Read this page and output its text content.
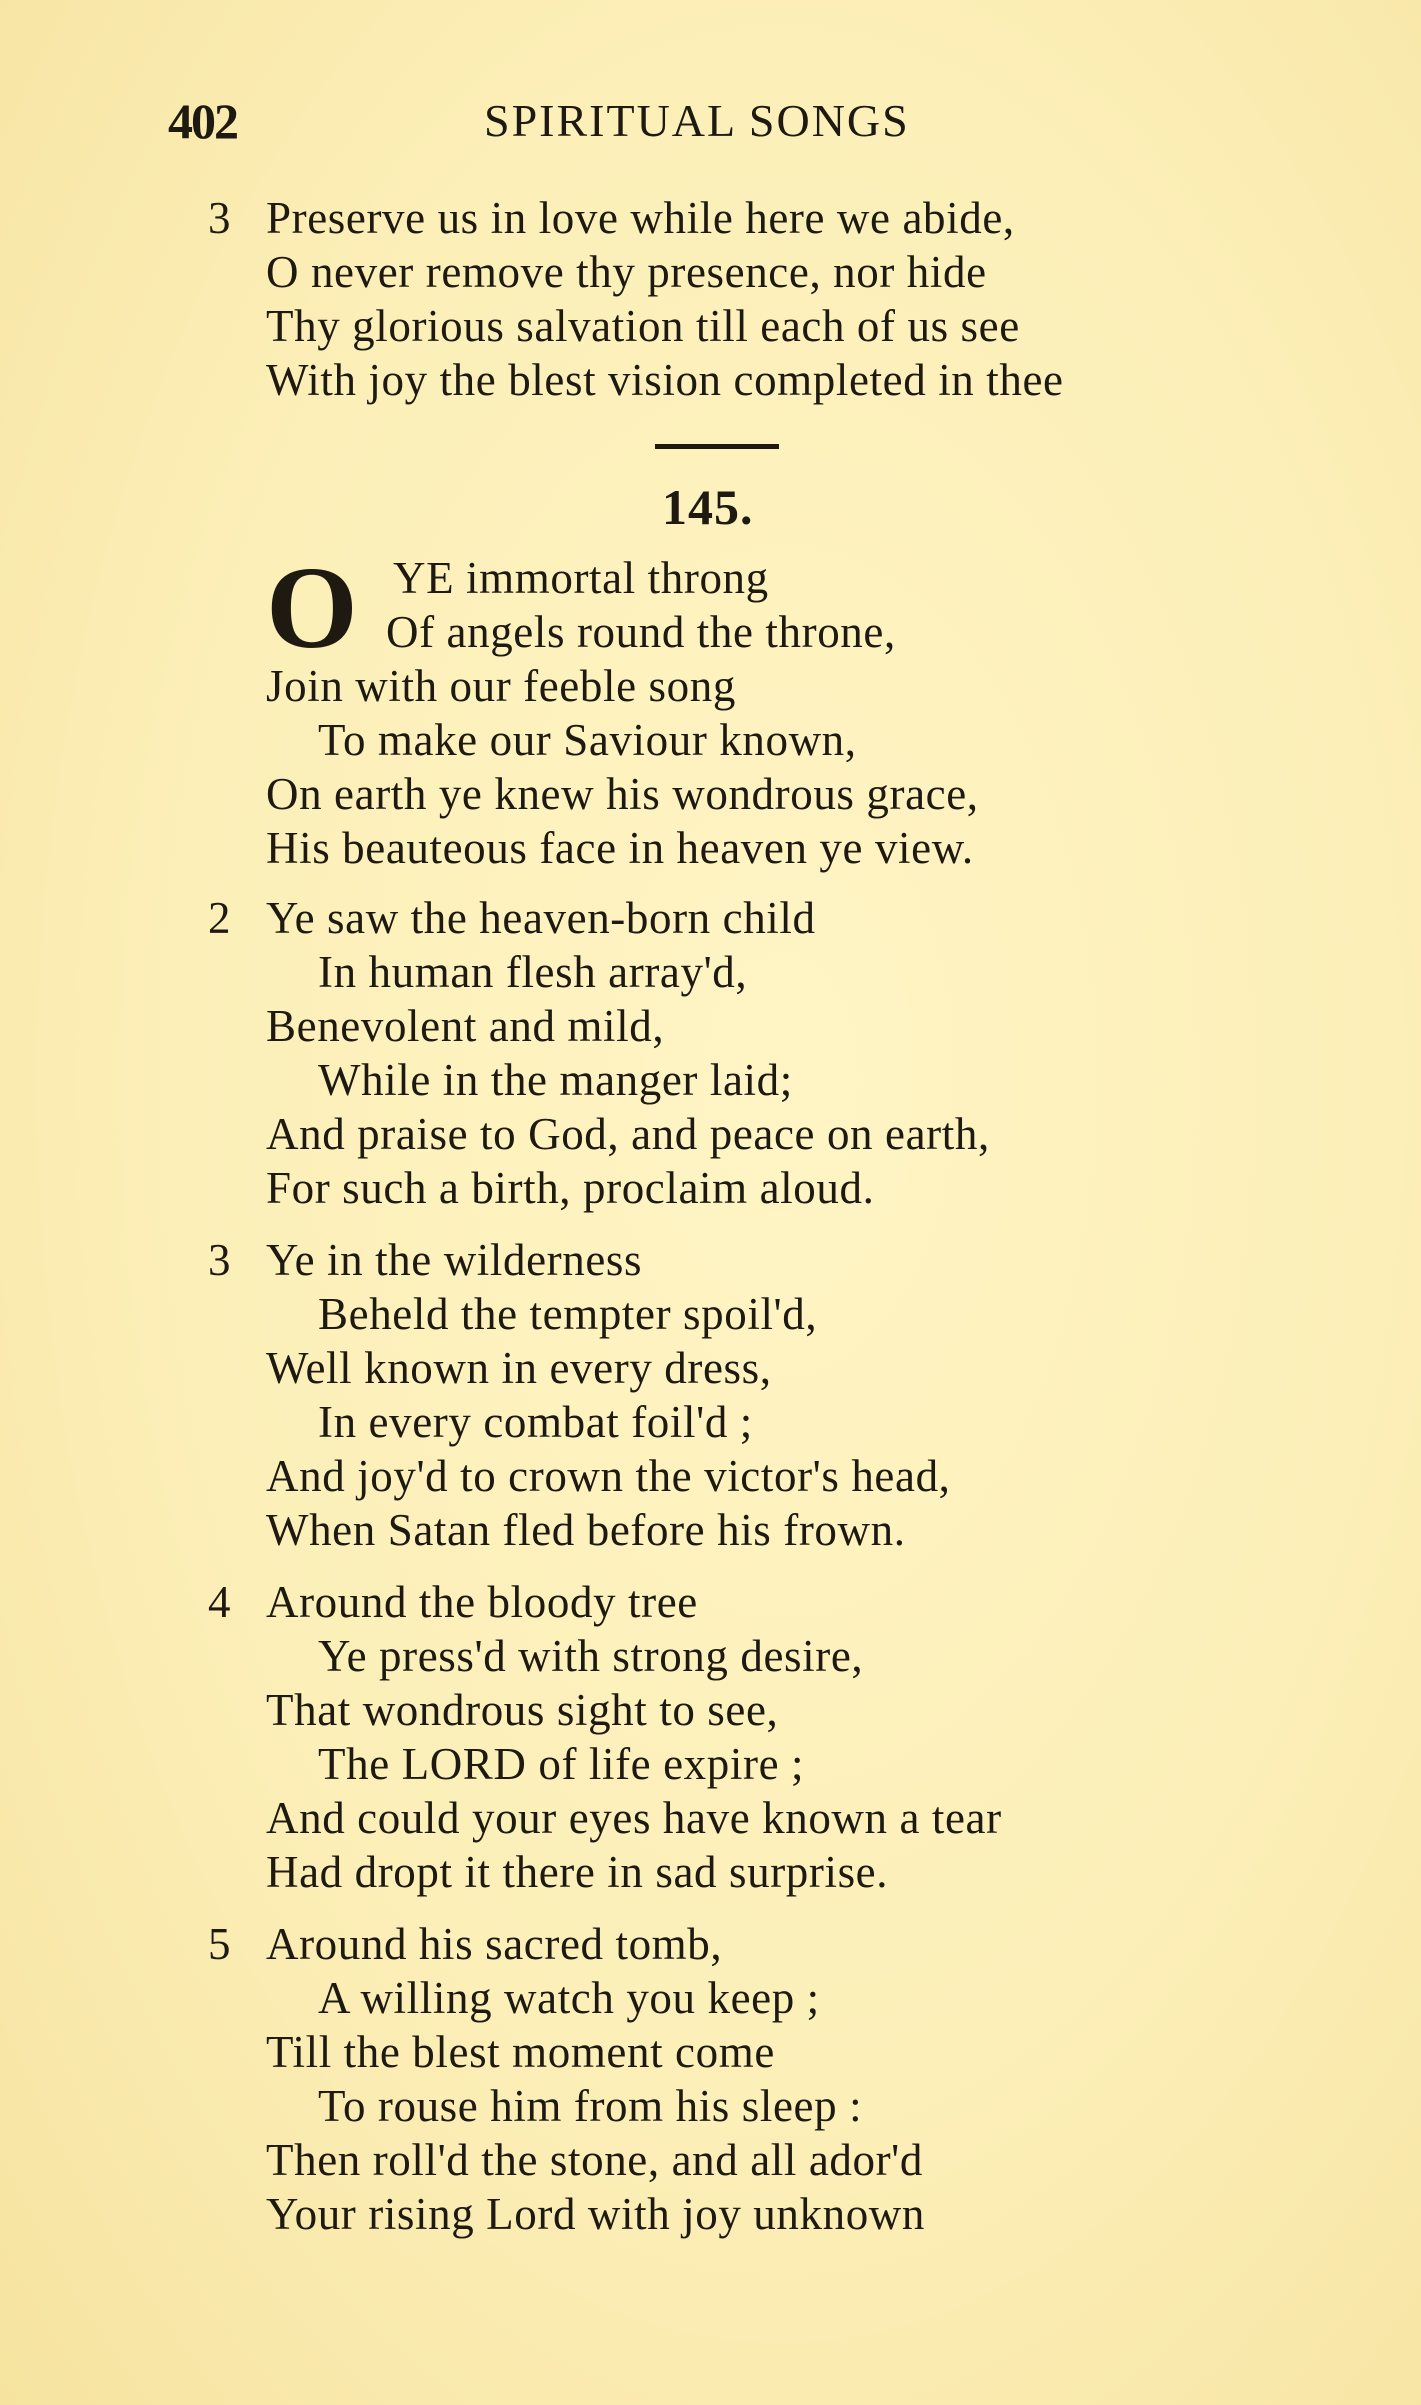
402	SPIRITUAL SONGS
3 Preserve us in love while here we abide,
O never remove thy presence, nor hide
Thy glorious salvation till each of us see
With joy the blest vision completed in thee
145.
O YE immortal throng
Of angels round the throne,
Join with our feeble song
To make our Saviour known,
On earth ye knew his wondrous grace,
His beauteous face in heaven ye view.
2 Ye saw the heaven-born child
In human flesh array'd,
Benevolent and mild,
While in the manger laid;
And praise to God, and peace on earth,
For such a birth, proclaim aloud.
3 Ye in the wilderness
Beheld the tempter spoil'd,
Well known in every dress,
In every combat foil'd ;
And joy'd to crown the victor's head,
When Satan fled before his frown.
4 Around the bloody tree
Ye press'd with strong desire,
That wondrous sight to see,
The LORD of life expire ;
And could your eyes have known a tear
Had dropt it there in sad surprise.
5 Around his sacred tomb,
A willing watch you keep ;
Till the blest moment come
To rouse him from his sleep :
Then roll'd the stone, and all ador'd
Your rising Lord with joy unknown
